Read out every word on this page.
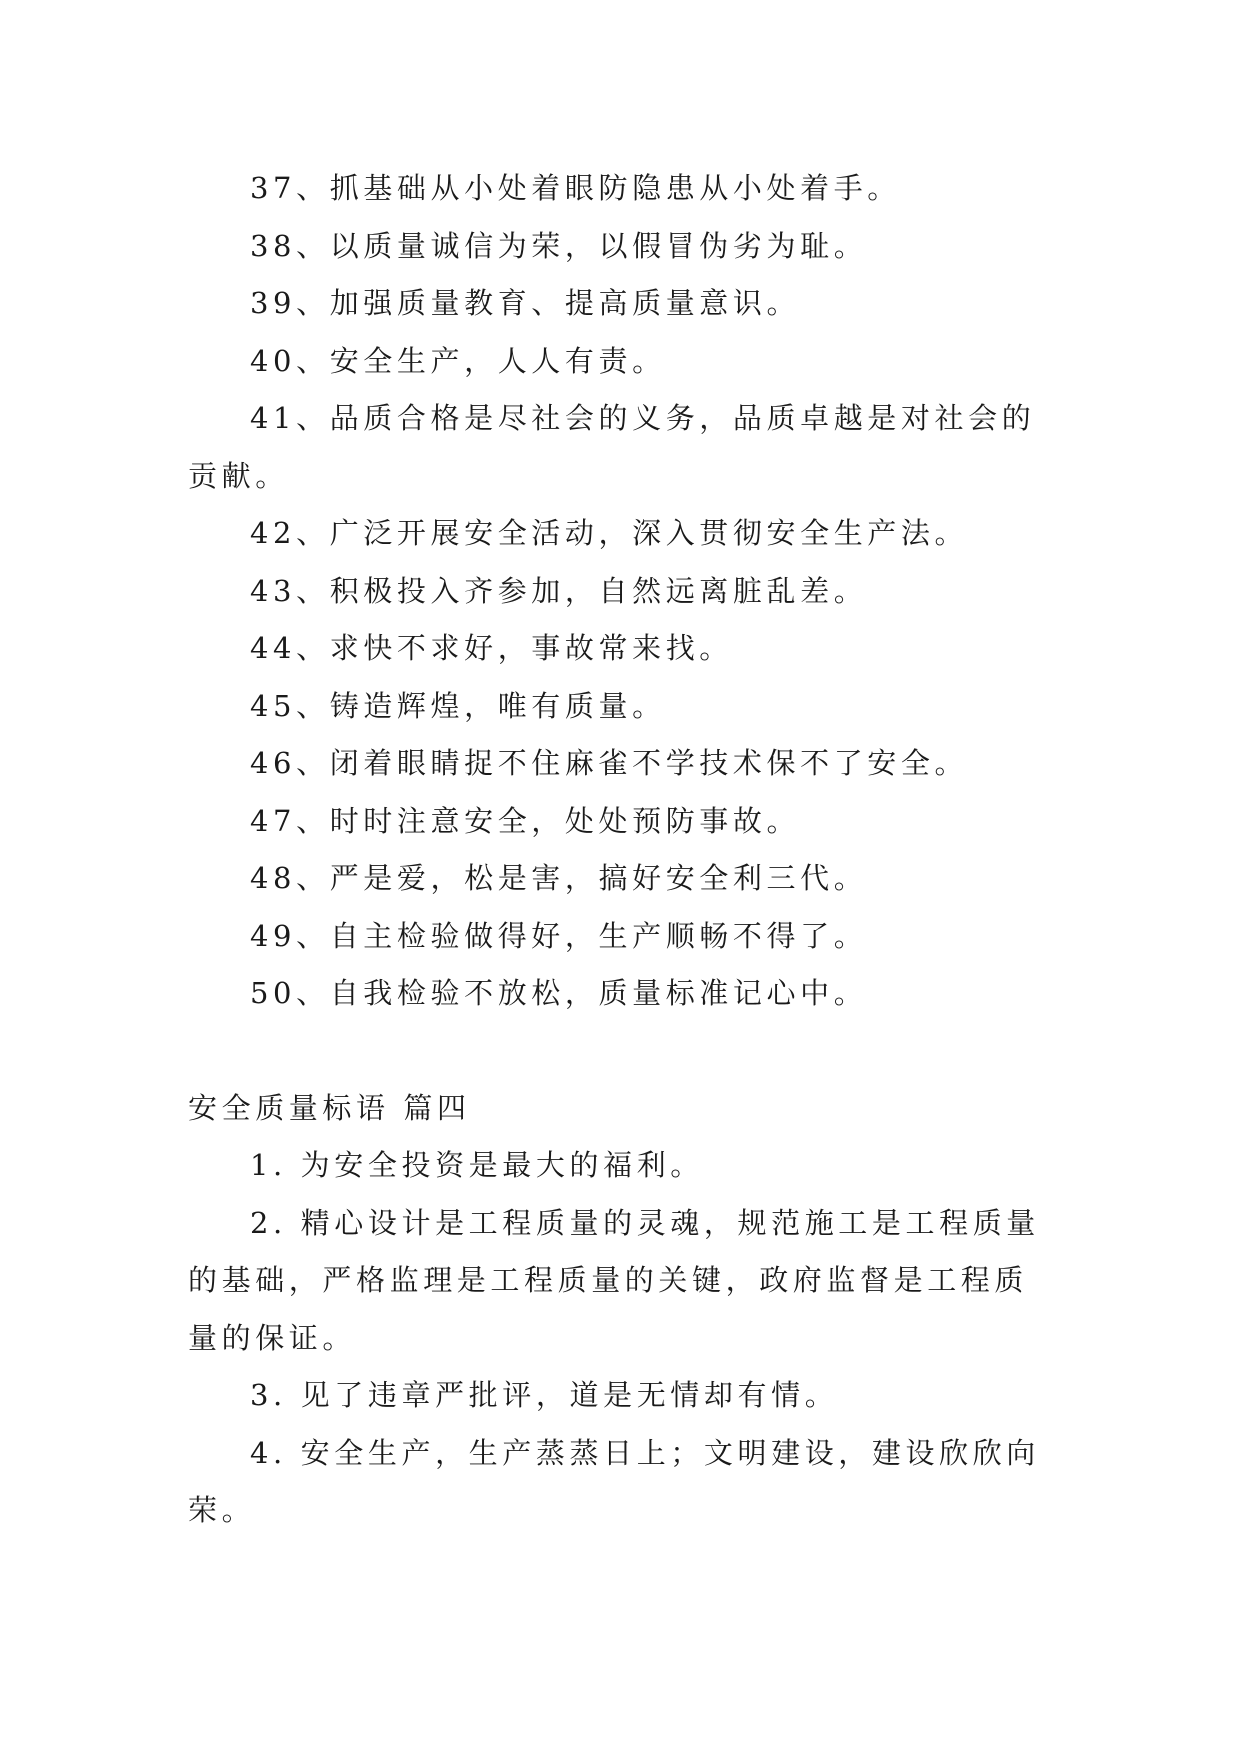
37、抓基础从小处着眼防隐患从小处着手。

38、以质量诚信为荣，以假冒伪劣为耻。

39、加强质量教育、提高质量意识。

40、安全生产，人人有责。

41、品质合格是尽社会的义务，品质卓越是对社会的贡献。

42、广泛开展安全活动，深入贯彻安全生产法。

43、积极投入齐参加，自然远离脏乱差。

44、求快不求好，事故常来找。

45、铸造辉煌，唯有质量。

46、闭着眼睛捉不住麻雀不学技术保不了安全。

47、时时注意安全，处处预防事故。

48、严是爱，松是害，搞好安全利三代。

49、自主检验做得好，生产顺畅不得了。

50、自我检验不放松，质量标准记心中。

安全质量标语 篇四

1. 为安全投资是最大的福利。

2. 精心设计是工程质量的灵魂，规范施工是工程质量的基础，严格监理是工程质量的关键，政府监督是工程质量的保证。

3. 见了违章严批评，道是无情却有情。

4. 安全生产，生产蒸蒸日上；文明建设，建设欣欣向荣。
